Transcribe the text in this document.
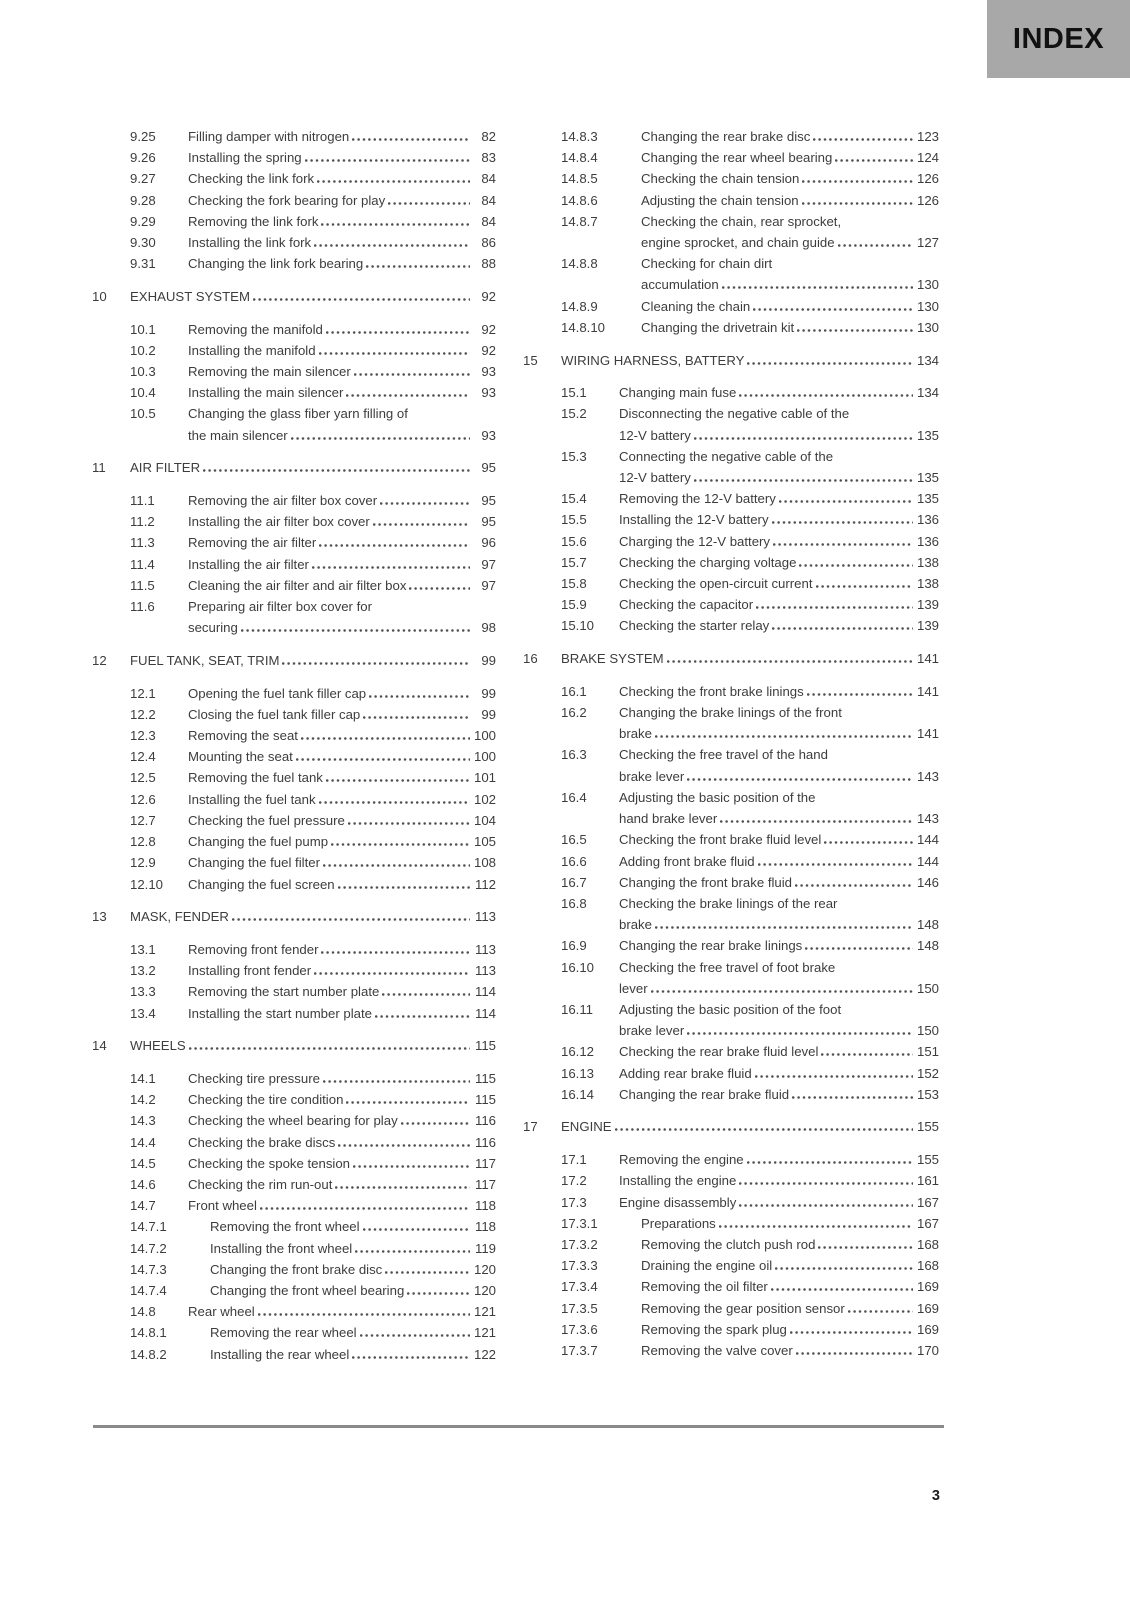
INDEX
9.25	Filling damper with nitrogen	82
9.26	Installing the spring	83
9.27	Checking the link fork	84
9.28	Checking the fork bearing for play	84
9.29	Removing the link fork	84
9.30	Installing the link fork	86
9.31	Changing the link fork bearing	88
10	EXHAUST SYSTEM	92
10.1	Removing the manifold	92
10.2	Installing the manifold	92
10.3	Removing the main silencer	93
10.4	Installing the main silencer	93
10.5	Changing the glass fiber yarn filling of
the main silencer	93
11	AIR FILTER	95
11.1	Removing the air filter box cover	95
11.2	Installing the air filter box cover	95
11.3	Removing the air filter	96
11.4	Installing the air filter	97
11.5	Cleaning the air filter and air filter box	97
11.6	Preparing air filter box cover for
securing	98
12	FUEL TANK, SEAT, TRIM	99
12.1	Opening the fuel tank filler cap	99
12.2	Closing the fuel tank filler cap	99
12.3	Removing the seat	100
12.4	Mounting the seat	100
12.5	Removing the fuel tank	101
12.6	Installing the fuel tank	102
12.7	Checking the fuel pressure	104
12.8	Changing the fuel pump	105
12.9	Changing the fuel filter	108
12.10	Changing the fuel screen	112
13	MASK, FENDER	113
13.1	Removing front fender	113
13.2	Installing front fender	113
13.3	Removing the start number plate	114
13.4	Installing the start number plate	114
14	WHEELS	115
14.1	Checking tire pressure	115
14.2	Checking the tire condition	115
14.3	Checking the wheel bearing for play	116
14.4	Checking the brake discs	116
14.5	Checking the spoke tension	117
14.6	Checking the rim run-out	117
14.7	Front wheel	118
14.7.1	Removing the front wheel	118
14.7.2	Installing the front wheel	119
14.7.3	Changing the front brake disc	120
14.7.4	Changing the front wheel bearing	120
14.8	Rear wheel	121
14.8.1	Removing the rear wheel	121
14.8.2	Installing the rear wheel	122
14.8.3	Changing the rear brake disc	123
14.8.4	Changing the rear wheel bearing	124
14.8.5	Checking the chain tension	126
14.8.6	Adjusting the chain tension	126
14.8.7	Checking the chain, rear sprocket,
engine sprocket, and chain guide	127
14.8.8	Checking for chain dirt
accumulation	130
14.8.9	Cleaning the chain	130
14.8.10	Changing the drivetrain kit	130
15	WIRING HARNESS, BATTERY	134
15.1	Changing main fuse	134
15.2	Disconnecting the negative cable of the
12-V battery	135
15.3	Connecting the negative cable of the
12-V battery	135
15.4	Removing the 12-V battery	135
15.5	Installing the 12-V battery	136
15.6	Charging the 12-V battery	136
15.7	Checking the charging voltage	138
15.8	Checking the open-circuit current	138
15.9	Checking the capacitor	139
15.10	Checking the starter relay	139
16	BRAKE SYSTEM	141
16.1	Checking the front brake linings	141
16.2	Changing the brake linings of the front
brake	141
16.3	Checking the free travel of the hand
brake lever	143
16.4	Adjusting the basic position of the
hand brake lever	143
16.5	Checking the front brake fluid level	144
16.6	Adding front brake fluid	144
16.7	Changing the front brake fluid	146
16.8	Checking the brake linings of the rear
brake	148
16.9	Changing the rear brake linings	148
16.10	Checking the free travel of foot brake
lever	150
16.11	Adjusting the basic position of the foot
brake lever	150
16.12	Checking the rear brake fluid level	151
16.13	Adding rear brake fluid	152
16.14	Changing the rear brake fluid	153
17	ENGINE	155
17.1	Removing the engine	155
17.2	Installing the engine	161
17.3	Engine disassembly	167
17.3.1	Preparations	167
17.3.2	Removing the clutch push rod	168
17.3.3	Draining the engine oil	168
17.3.4	Removing the oil filter	169
17.3.5	Removing the gear position sensor	169
17.3.6	Removing the spark plug	169
17.3.7	Removing the valve cover	170
3
